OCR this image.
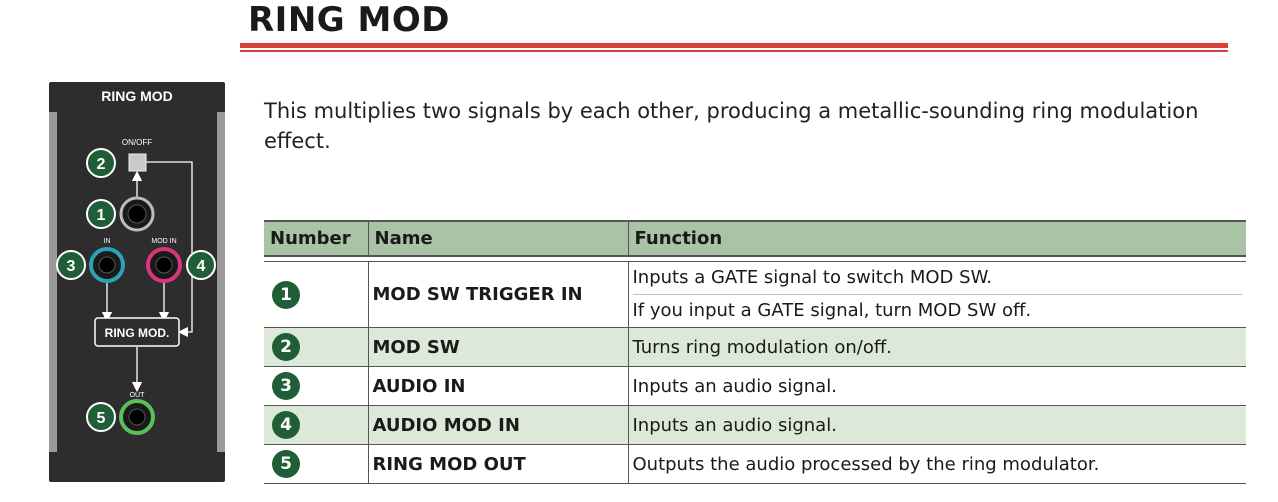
RING MOD
This multiplies two signals by each other, producing a metallic-sounding ring modulation effect.
RING MOD
ON/OFF
IN	MOD IN
RING MOD.
OUT
1
2
3	4
5
Number	Name	Function

1	MOD SW TRIGGER IN	Inputs a GATE signal to switch MOD SW.
If you input a GATE signal, turn MOD SW off.

2	MOD SW	Turns ring modulation on/off.
3	AUDIO IN	Inputs an audio signal.
4	AUDIO MOD IN	Inputs an audio signal.
5	RING MOD OUT	Outputs the audio processed by the ring modulator.
